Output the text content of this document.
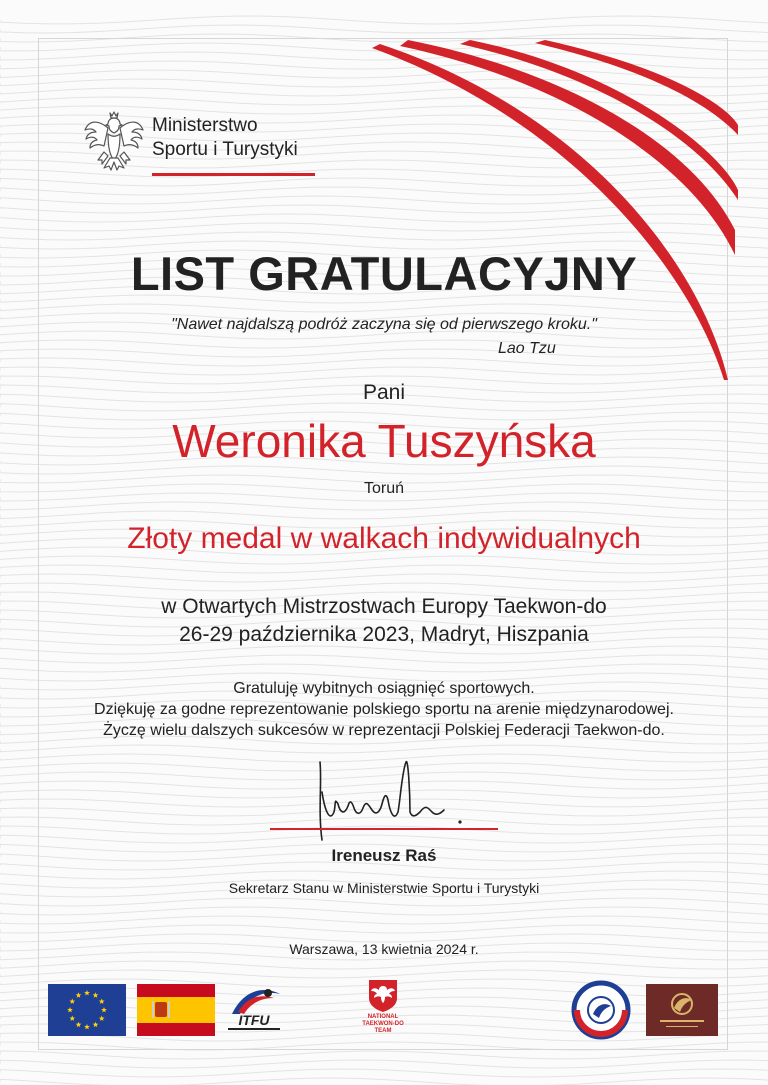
Ministerstwo
Sportu i Turystyki
LIST GRATULACYJNY
"Nawet najdalszą podróż zaczyna się od pierwszego kroku."
Lao Tzu
Pani
Weronika Tuszyńska
Toruń
Złoty medal w walkach indywidualnych
w Otwartych Mistrzostwach Europy Taekwon-do
26-29 października 2023, Madryt, Hiszpania
Gratuluję wybitnych osiągnięć sportowych.
Dziękuję za godne reprezentowanie polskiego sportu na arenie międzynarodowej.
Życzę wielu dalszych sukcesów w reprezentacji Polskiej Federacji Taekwon-do.
Ireneusz Raś
Sekretarz Stanu w Ministerstwie Sportu i Turystyki
Warszawa, 13 kwietnia 2024 r.
ITFU	NATIONAL
TAEKWON-DO
TEAM
